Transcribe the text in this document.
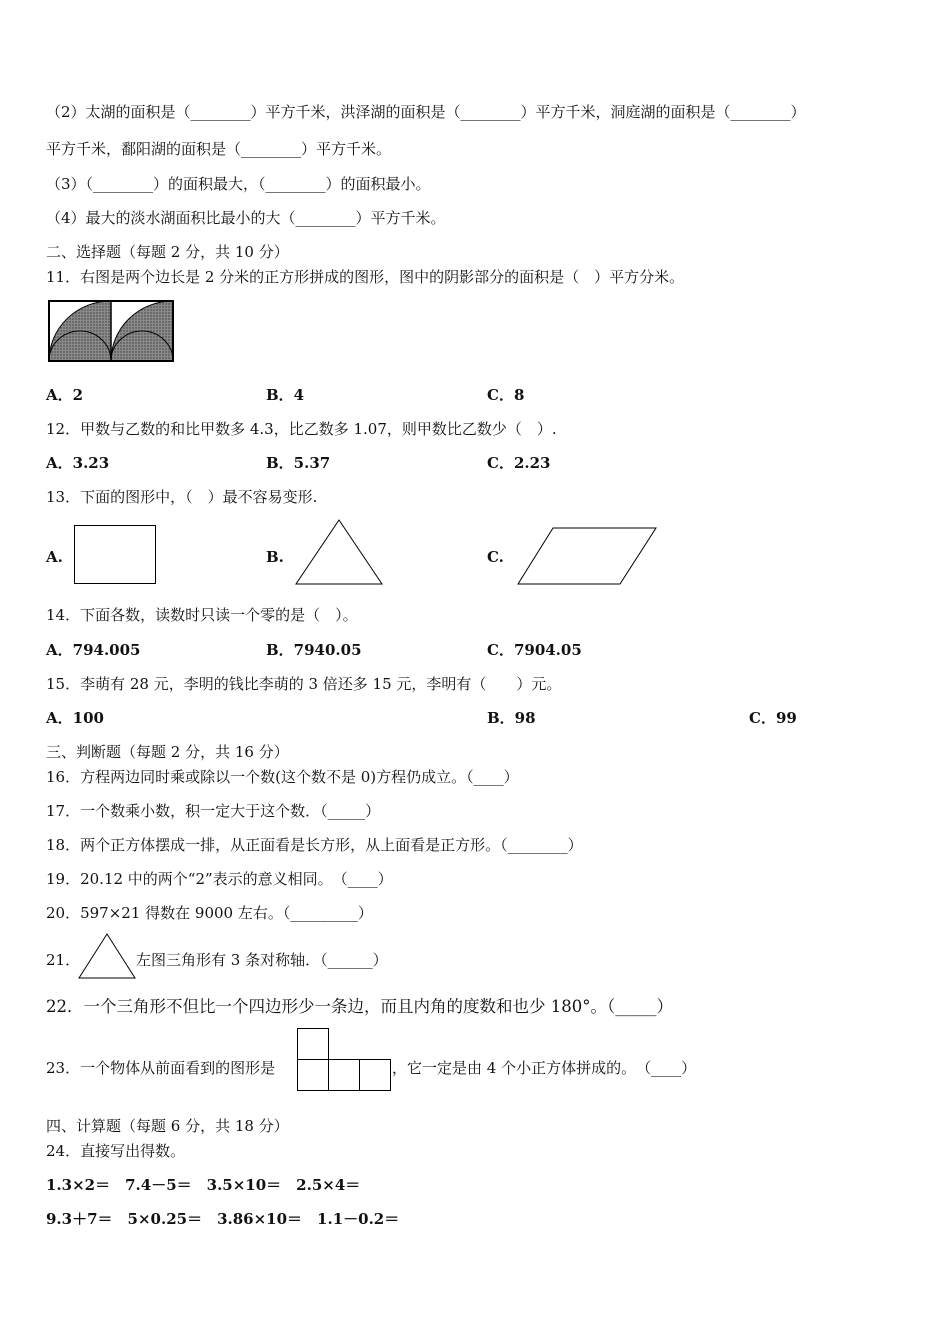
（2）太湖的面积是（________）平方千米，洪泽湖的面积是（________）平方千米，洞庭湖的面积是（________）
平方千米，鄱阳湖的面积是（________）平方千米。
（3）（________）的面积最大，（________）的面积最小。
（4）最大的淡水湖面积比最小的大（________）平方千米。
二、选择题（每题 2 分，共 10 分）
11．右图是两个边长是 2 分米的正方形拼成的图形，图中的阴影部分的面积是（　）平方分米。
A．2	B．4	C．8
12．甲数与乙数的和比甲数多 4.3，比乙数多 1.07，则甲数比乙数少（　）.
A．3.23	B．5.37	C．2.23
13．下面的图形中，（　）最不容易变形.
A.	B.	C.
14．下面各数，读数时只读一个零的是（　）。
A．794.005	B．7940.05	C．7904.05
15．李萌有 28 元，李明的钱比李萌的 3 倍还多 15 元，李明有（　　）元。
A．100	B．98	C．99
三、判断题（每题 2 分，共 16 分）
16．方程两边同时乘或除以一个数(这个数不是 0)方程仍成立。（____）
17．一个数乘小数，积一定大于这个数．（_____）
18．两个正方体摆成一排，从正面看是长方形，从上面看是正方形。（________）
19．20.12 中的两个“2”表示的意义相同。　（____）
20．597×21 得数在 9000 左右。（_________）
21．	左图三角形有 3 条对称轴．（______）
22．一个三角形不但比一个四边形少一条边，而且内角的度数和也少 180°。（_____）
23．一个物体从前面看到的图形是	，它一定是由 4 个小正方体拼成的。　（____）
四、计算题（每题 6 分，共 18 分）
24．直接写出得数。
1.3×2＝　7.4－5＝　3.5×10＝　2.5×4＝
9.3＋7＝　5×0.25＝　3.86×10＝　1.1－0.2＝
